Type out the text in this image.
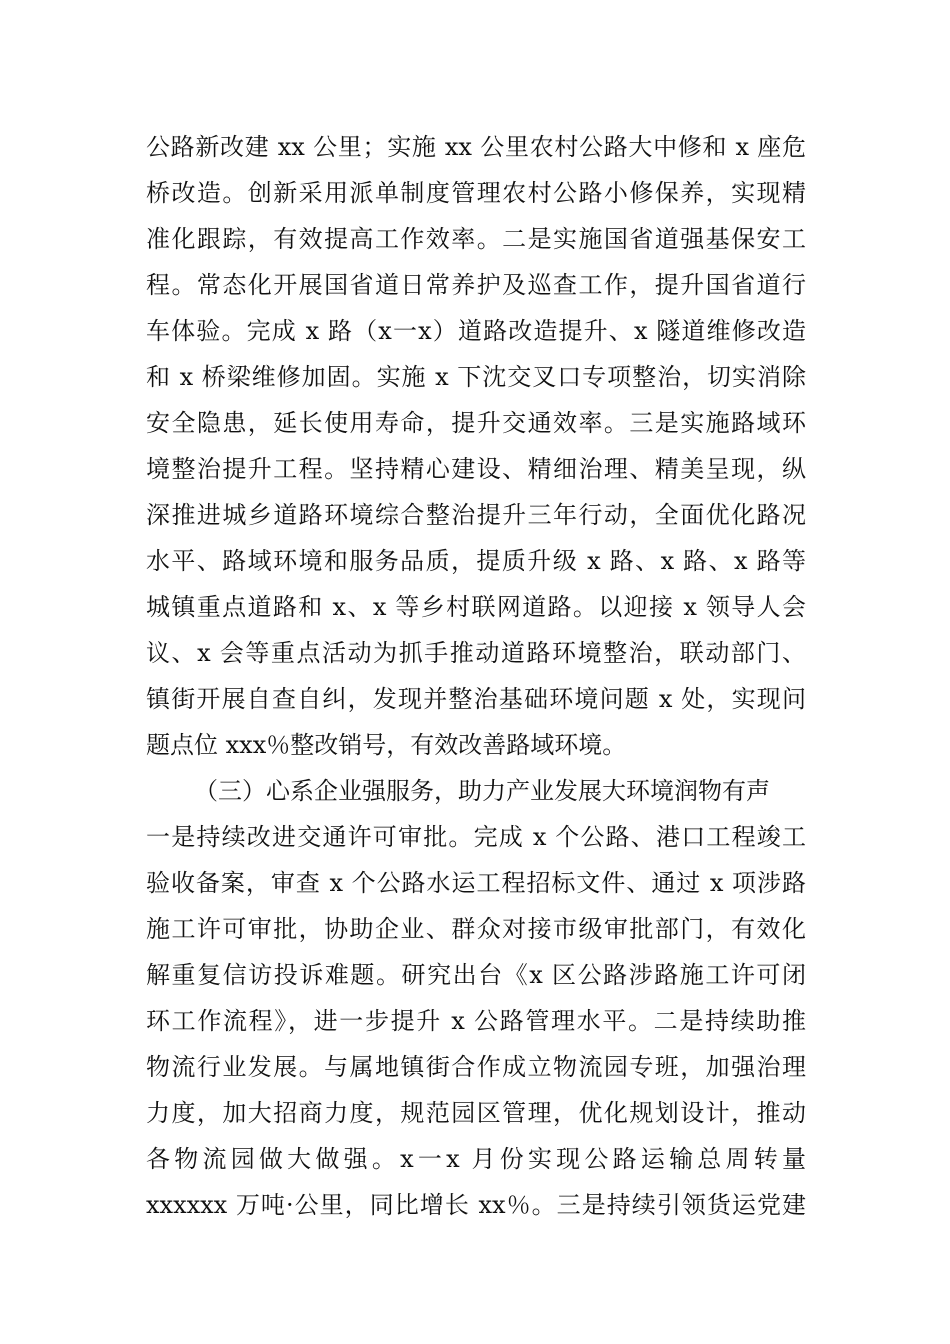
公路新改建 xx 公里；实施 xx 公里农村公路大中修和 x 座危
桥改造。创新采用派单制度管理农村公路小修保养，实现精
准化跟踪，有效提高工作效率。二是实施国省道强基保安工
程。常态化开展国省道日常养护及巡查工作，提升国省道行
车体验。完成 x 路（x一x）道路改造提升、x 隧道维修改造
和 x 桥梁维修加固。实施 x 下沈交叉口专项整治，切实消除
安全隐患，延长使用寿命，提升交通效率。三是实施路域环
境整治提升工程。坚持精心建设、精细治理、精美呈现，纵
深推进城乡道路环境综合整治提升三年行动，全面优化路况
水平、路域环境和服务品质，提质升级 x 路、x 路、x 路等
城镇重点道路和 x、x 等乡村联网道路。以迎接 x 领导人会
议、x 会等重点活动为抓手推动道路环境整治，联动部门、
镇街开展自查自纠，发现并整治基础环境问题 x 处，实现问
题点位 xxx％整改销号，有效改善路域环境。
（三）心系企业强服务，助力产业发展大环境润物有声
一是持续改进交通许可审批。完成 x 个公路、港口工程竣工
验收备案，审查 x 个公路水运工程招标文件、通过 x 项涉路
施工许可审批，协助企业、群众对接市级审批部门，有效化
解重复信访投诉难题。研究出台《x 区公路涉路施工许可闭
环工作流程》，进一步提升 x 公路管理水平。二是持续助推
物流行业发展。与属地镇街合作成立物流园专班，加强治理
力度，加大招商力度，规范园区管理，优化规划设计，推动
各物流园做大做强。x一x 月份实现公路运输总周转量
xxxxxx 万吨·公里，同比增长 xx％。三是持续引领货运党建
